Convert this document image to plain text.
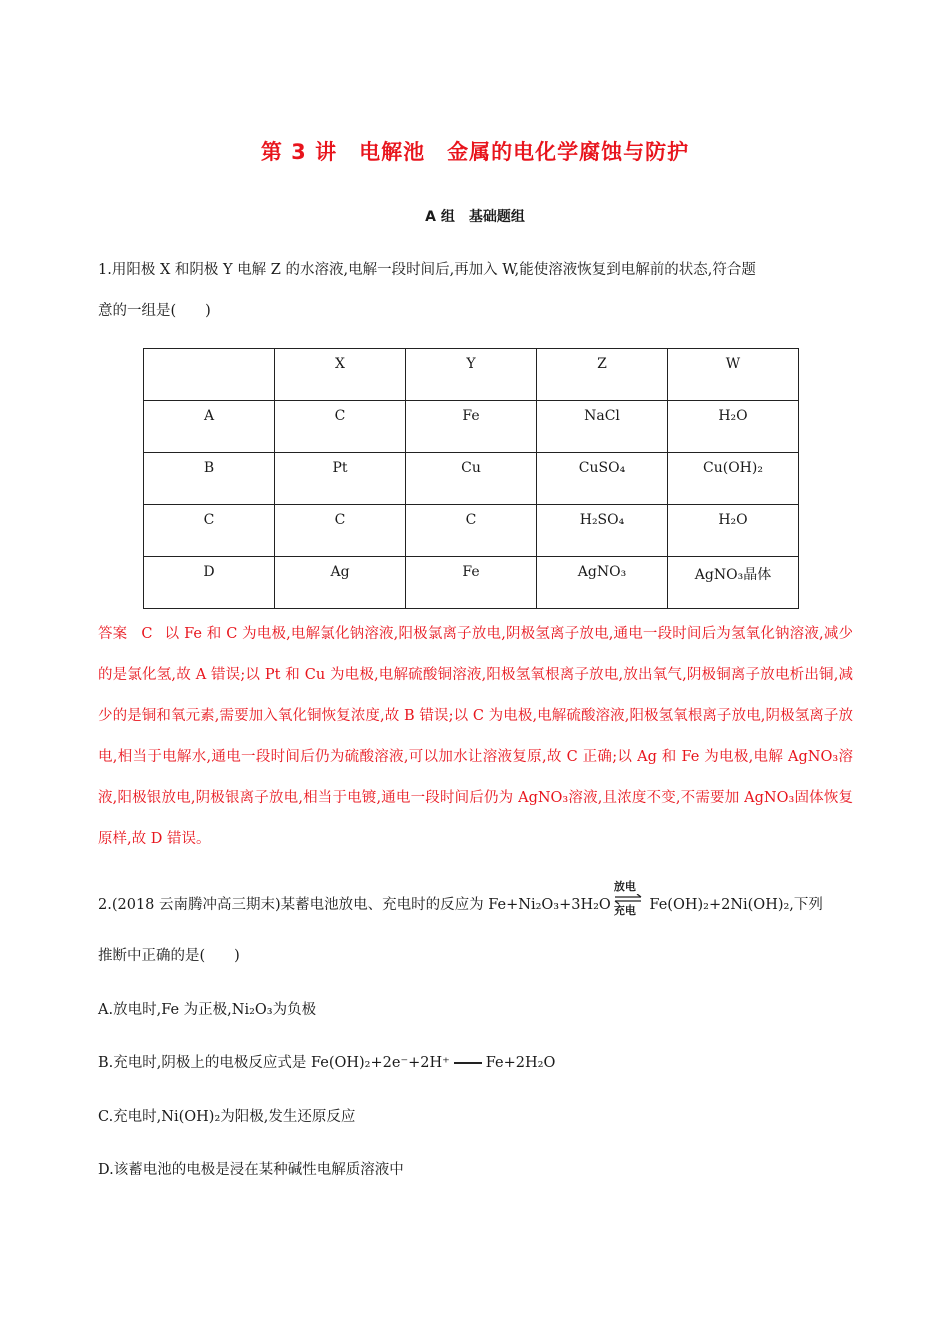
第 3 讲　电解池　金属的电化学腐蚀与防护
A 组　基础题组
1.用阳极 X 和阴极 Y 电解 Z 的水溶液,电解一段时间后,再加入 W,能使溶液恢复到电解前的状态,符合题
意的一组是(　　)
	X	Y	Z	W
A	C	Fe	NaCl	H₂O
B	Pt	Cu	CuSO₄	Cu(OH)₂
C	C	C	H₂SO₄	H₂O
D	Ag	Fe	AgNO₃	AgNO₃晶体
答案 C 以 Fe 和 C 为电极,电解氯化钠溶液,阳极氯离子放电,阴极氢离子放电,通电一段时间后为氢氧化钠溶液,减少的是氯化氢,故 A 错误;以 Pt 和 Cu 为电极,电解硫酸铜溶液,阳极氢氧根离子放电,放出氧气,阴极铜离子放电析出铜,减少的是铜和氧元素,需要加入氧化铜恢复浓度,故 B 错误;以 C 为电极,电解硫酸溶液,阳极氢氧根离子放电,阴极氢离子放电,相当于电解水,通电一段时间后仍为硫酸溶液,可以加水让溶液复原,故 C 正确;以 Ag 和 Fe 为电极,电解 AgNO₃溶液,阳极银放电,阴极银离子放电,相当于电镀,通电一段时间后仍为 AgNO₃溶液,且浓度不变,不需要加 AgNO₃固体恢复原样,故 D 错误。
2.(2018 云南腾冲高三期末)某蓄电池放电、充电时的反应为 Fe+Ni₂O₃+3H₂O
放电
充电 Fe(OH)₂+2Ni(OH)₂,下列
推断中正确的是(　　)
A.放电时,Fe 为正极,Ni₂O₃为负极
B.充电时,阴极上的电极反应式是 Fe(OH)₂+2e⁻+2H⁺ Fe+2H₂O
C.充电时,Ni(OH)₂为阳极,发生还原反应
D.该蓄电池的电极是浸在某种碱性电解质溶液中
